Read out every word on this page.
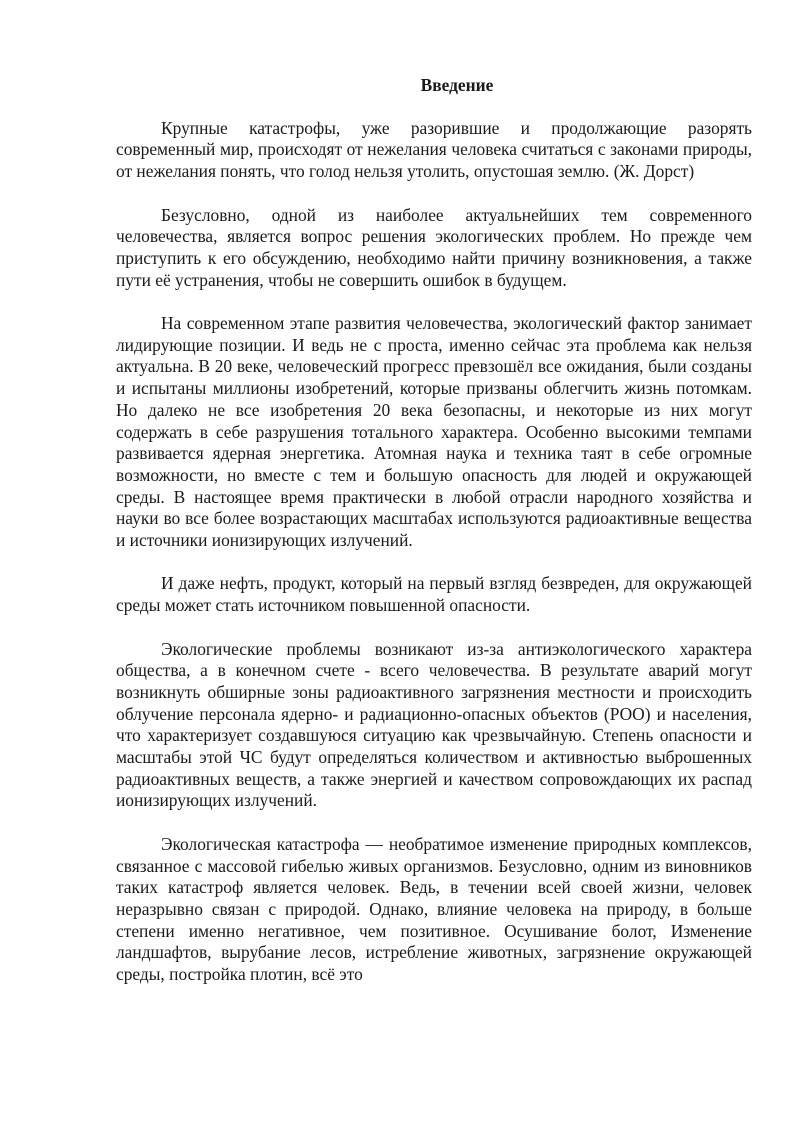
Введение

Крупные катастрофы, уже разорившие и продолжающие разорять современный мир, происходят от нежелания человека считаться с законами природы, от нежелания понять, что голод нельзя утолить, опустошая землю. (Ж. Дорст)

Безусловно, одной из наиболее актуальнейших тем современного человечества, является вопрос решения экологических проблем. Но прежде чем приступить к его обсуждению, необходимо найти причину возникновения, а также пути её устранения, чтобы не совершить ошибок в будущем.

На современном этапе развития человечества, экологический фактор занимает лидирующие позиции. И ведь не с проста, именно сейчас эта проблема как нельзя актуальна. В 20 веке, человеческий прогресс превзошёл все ожидания, были созданы и испытаны миллионы изобретений, которые призваны облегчить жизнь потомкам. Но далеко не все изобретения 20 века безопасны, и некоторые из них могут содержать в себе разрушения тотального характера. Особенно высокими темпами развивается ядерная энергетика. Атомная наука и техника таят в себе огромные возможности, но вместе с тем и большую опасность для людей и окружающей среды. В настоящее время практически в любой отрасли народного хозяйства и науки во все более возрастающих масштабах используются радиоактивные вещества и источники ионизирующих излучений.

И даже нефть, продукт, который на первый взгляд безвреден, для окружающей среды может стать источником повышенной опасности.

Экологические проблемы возникают из-за антиэкологического характера общества, а в конечном счете - всего человечества. В результате аварий могут возникнуть обширные зоны радиоактивного загрязнения местности и происходить облучение персонала ядерно- и радиационно-опасных объектов (РОО) и населения, что характеризует создавшуюся ситуацию как чрезвычайную. Степень опасности и масштабы этой ЧС будут определяться количеством и активностью выброшенных радиоактивных веществ, а также энергией и качеством сопровождающих их распад ионизирующих излучений.

Экологическая катастрофа — необратимое изменение природных комплексов, связанное с массовой гибелью живых организмов. Безусловно, одним из виновников таких катастроф является человек. Ведь, в течении всей своей жизни, человек неразрывно связан с природой. Однако, влияние человека на природу, в больше степени именно негативное, чем позитивное. Осушивание болот, Изменение ландшафтов, вырубание лесов, истребление животных, загрязнение окружающей среды, постройка плотин, всё это
